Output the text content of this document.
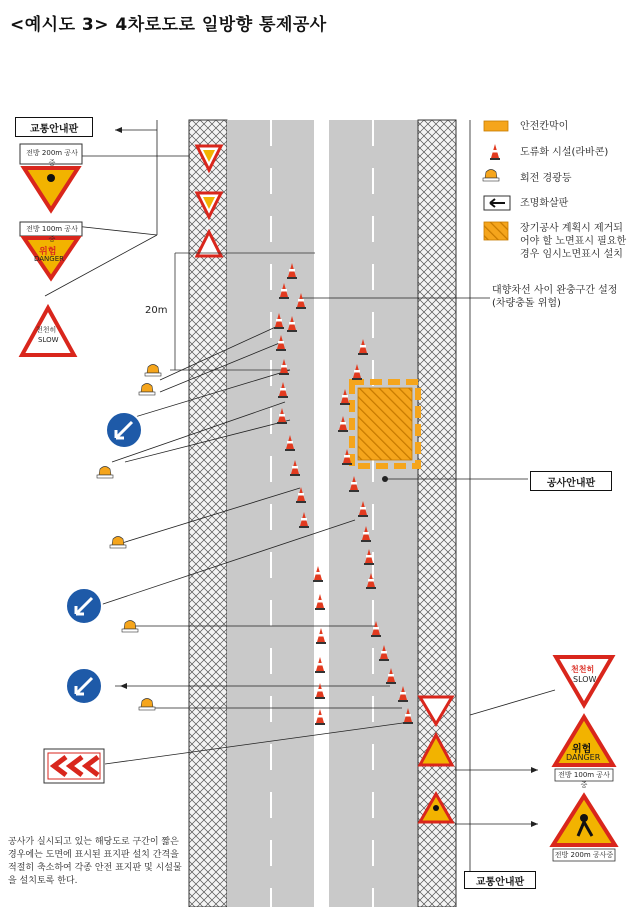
<예시도 3> 4차로도로 일방향 통제공사
교통안내판
공사안내판
교통안내판
전방 200m 공사중
전방 100m 공사중
위험
DANGER
천천히
SLOW
천천히
SLOW
위험
DANGER
전방 100m 공사중
전방 200m 공사중
20m
안전칸막이
도류화 시설(라바콘)
회전 경광등
조명화살판
장기공사 계획시 제거되어야 할 노면표시 필요한 경우 임시노면표시 설치
대향차선 사이 완충구간 설정 (차량충돌 위험)
공사가 실시되고 있는 해당도로 구간이 짧은 경우에는 도면에 표시된 표지판 설치 간격을 적절히 축소하여 각종 안전 표지판 및 시설물을 설치토록 한다.
